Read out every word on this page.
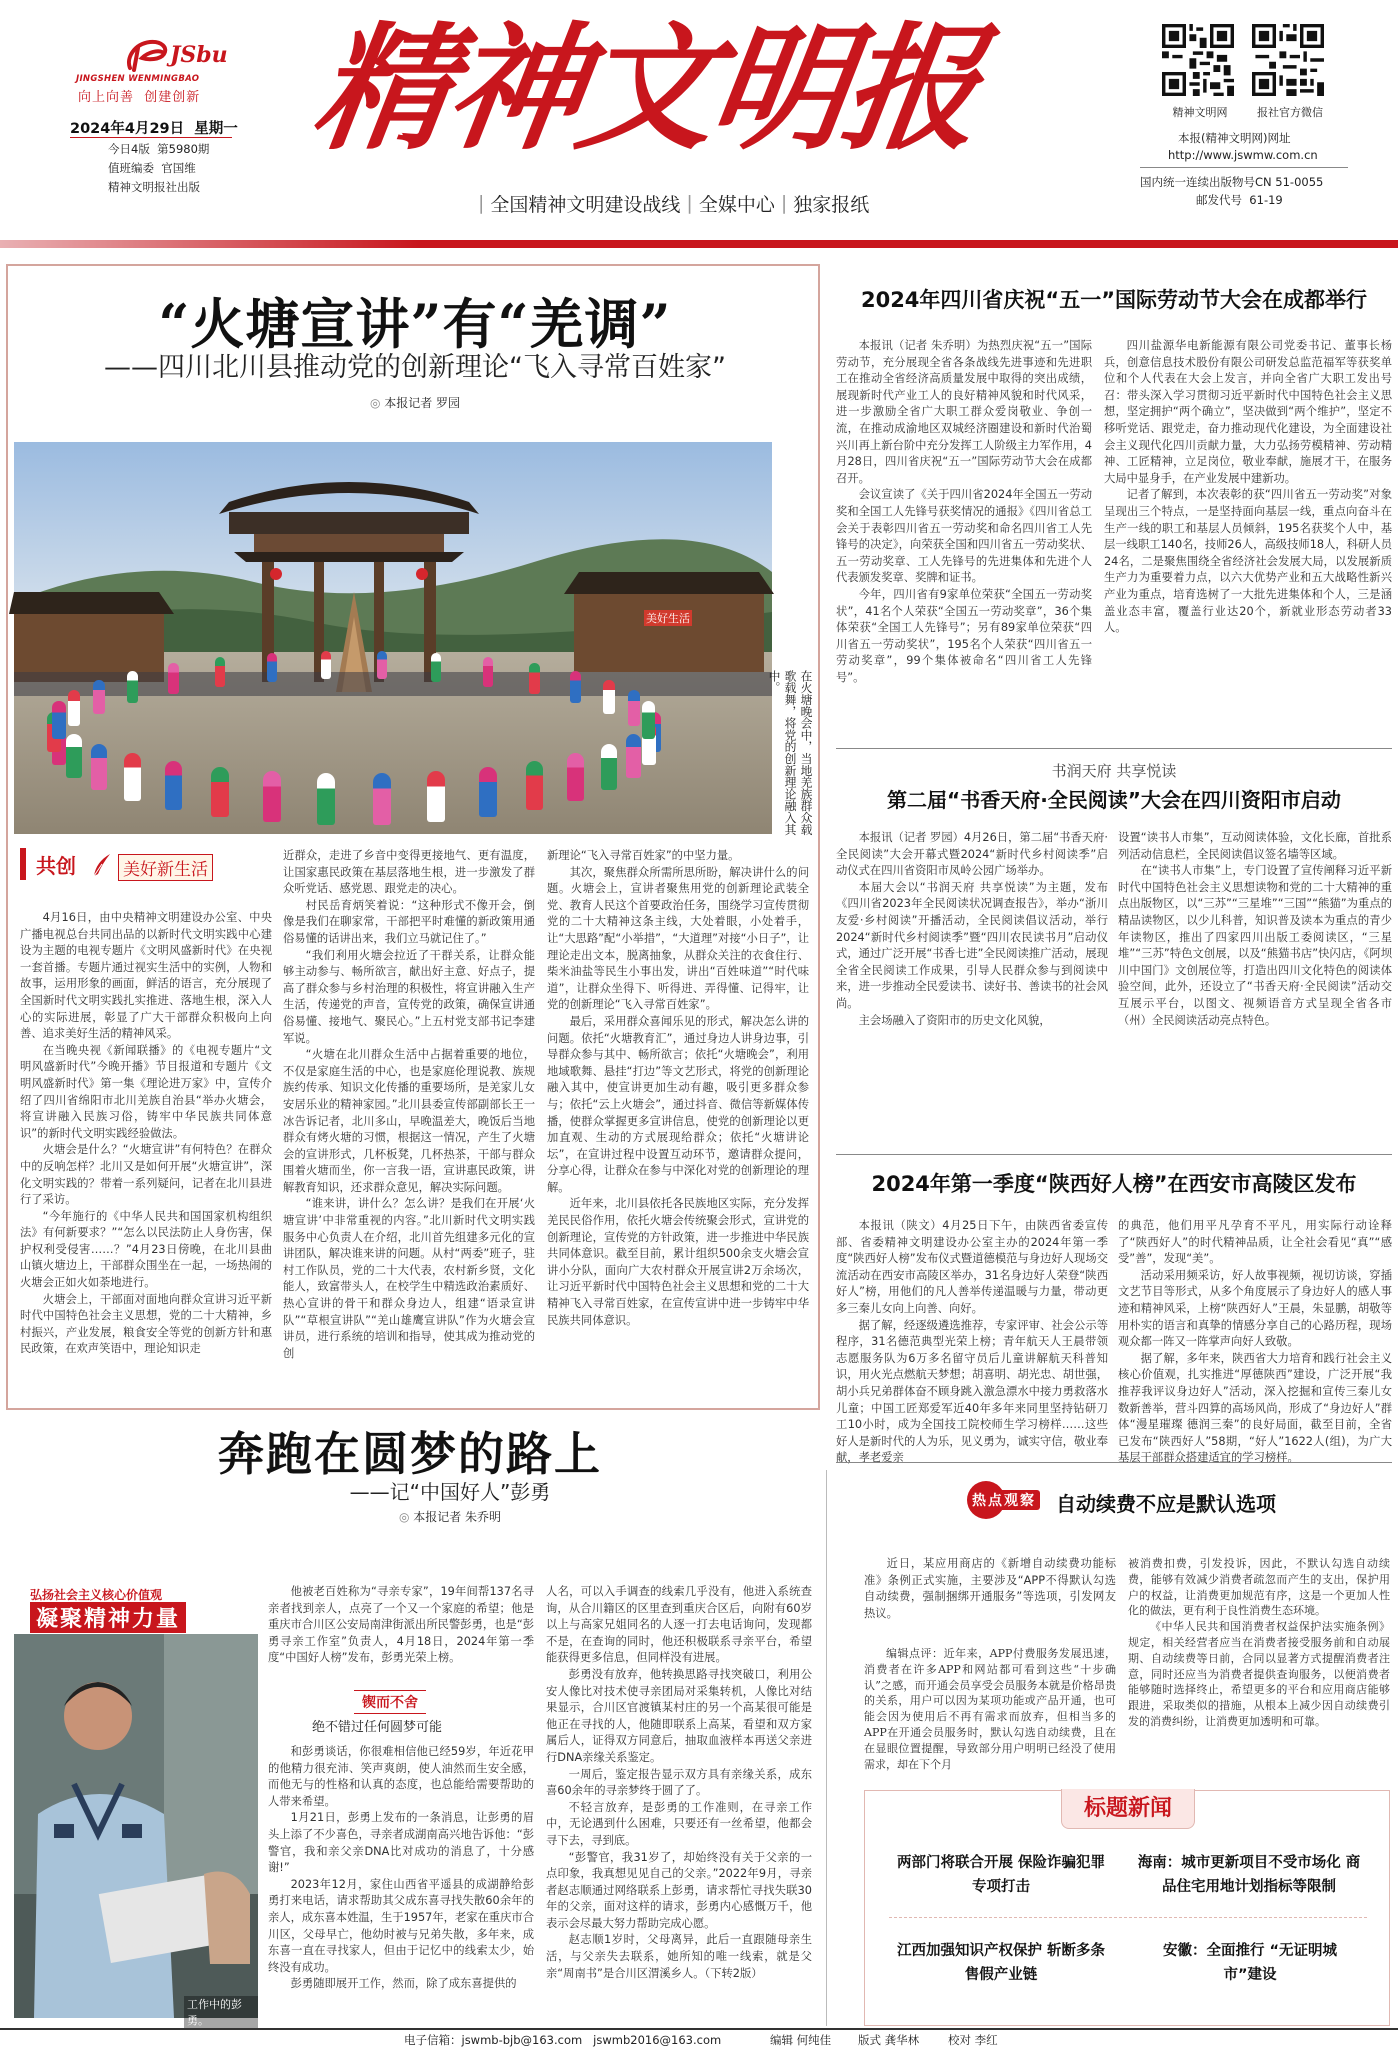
JSbu
JINGSHEN WENMINGBAO
向上向善  创建创新
2024年4月29日  星期一
今日4版  第5980期
值班编委  官国维
精神文明报社出版
精神文明报	精神文明网	报社官方微信
本报(精神文明网)网址
http://www.jswmw.com.cn
国内统一连续出版物号CN 51-0055
邮发代号  61-19
| 全国精神文明建设战线 | 全媒中心 | 独家报纸
“火塘宣讲”有“羌调”
——四川北川县推动党的创新理论“飞入寻常百姓家”
◎ 本报记者 罗园
美好生活
在火塘晚会中，当地羌族群众载歌载舞，将党的创新理论融入其中。
共创	美好新生活

4月16日，由中央精神文明建设办公室、中央广播电视总台共同出品的以新时代文明实践中心建设为主题的电视专题片《文明风盛新时代》在央视一套首播。专题片通过视实生活中的实例，人物和故事，运用形象的画面，鲜活的语言，充分展现了全国新时代文明实践扎实推进、落地生根，深入人心的实际进展，彰显了广大干部群众积极向上向善、追求美好生活的精神风采。

在当晚央视《新闻联播》的《电视专题片“文明风盛新时代”今晚开播》节目报道和专题片《文明风盛新时代》第一集《理论进万家》中，宣传介绍了四川省绵阳市北川羌族自治县“举办火塘会，将宣讲融入民族习俗，铸牢中华民族共同体意识”的新时代文明实践经验做法。

火塘会是什么？“火塘宣讲”有何特色？在群众中的反响怎样？北川又是如何开展“火塘宣讲”，深化文明实践的？带着一系列疑问，记者在北川县进行了采访。

“今年施行的《中华人民共和国国家机构组织法》有何新要求？”“怎么以民法防止人身伤害，保护权利受侵害……？”4月23日傍晚，在北川县曲山镇火塘边上，干部群众围坐在一起，一场热闹的火塘会正如火如荼地进行。

火塘会上，干部面对面地向群众宣讲习近平新时代中国特色社会主义思想，党的二十大精神，乡村振兴，产业发展，粮食安全等党的创新方针和惠民政策，在欢声笑语中，理论知识走

近群众，走进了乡音中变得更接地气、更有温度，让国家惠民政策在基层落地生根，进一步激发了群众听党话、感党恩、跟党走的决心。

村民岳育炳笑着说：“这种形式不像开会，倒像是我们在聊家常，干部把平时难懂的新政策用通俗易懂的话讲出来，我们立马就记住了。”

“我们利用火塘会拉近了干群关系，让群众能够主动参与、畅所欲言，献出好主意、好点子，提高了群众参与乡村治理的积极性，将宣讲融入生产生活，传递党的声音，宣传党的政策，确保宣讲通俗易懂、接地气、聚民心。”上五村党支部书记李建军说。

“火塘在北川群众生活中占据着重要的地位，不仅是家庭生活的中心，也是家庭伦理说教、族规族约传承、知识文化传播的重要场所，是羌家儿女安居乐业的精神家园。”北川县委宣传部副部长王一冰告诉记者，北川多山，早晚温差大，晚饭后当地群众有烤火塘的习惯，根据这一情况，产生了火塘会的宣讲形式，几杯板凳，几杯热茶，干部与群众围着火塘而坐，你一言我一语，宣讲惠民政策，讲解教育知识，还求群众意见，解决实际问题。

“谁来讲，讲什么？怎么讲？是我们在开展‘火塘宣讲’中非常重视的内容。”北川新时代文明实践服务中心负责人在介绍，北川首先组建多元化的宣讲团队，解决谁来讲的问题。从村“两委”班子，驻村工作队员，党的二十大代表，农村新乡贤，文化能人，致富带头人，在校学生中精选政治素质好、热心宣讲的骨干和群众身边人，组建“语录宣讲队”“草根宣讲队”“羌山雄鹰宣讲队”作为火塘会宣讲员，进行系统的培训和指导，使其成为推动党的创

新理论“飞入寻常百姓家”的中坚力量。

其次，聚焦群众所需所思所盼，解决讲什么的问题。火塘会上，宣讲者聚焦用党的创新理论武装全党、教育人民这个首要政治任务，围绕学习宣传贯彻党的二十大精神这条主线，大处着眼，小处着手，让“大思路”配“小举措”，“大道理”对接“小日子”，让理论走出文本，脱离抽象，从群众关注的衣食住行、柴米油盐等民生小事出发，讲出“百姓味道”“时代味道”，让群众坐得下、听得进、弄得懂、记得牢，让党的创新理论“飞入寻常百姓家”。

最后，采用群众喜闻乐见的形式，解决怎么讲的问题。依托“火塘教育汇”，通过身边人讲身边事，引导群众参与其中、畅所欲言；依托“火塘晚会”，利用地域歌舞、悬挂“打边”等文艺形式，将党的创新理论融入其中，使宣讲更加生动有趣，吸引更多群众参与；依托“云上火塘会”，通过抖音、微信等新媒体传播，使群众掌握更多宣讲信息，使党的创新理论以更加直观、生动的方式展现给群众；依托“火塘讲论坛”，在宣讲过程中设置互动环节，邀请群众提问，分享心得，让群众在参与中深化对党的创新理论的理解。

近年来，北川县依托各民族地区实际，充分发挥羌民民俗作用，依托火塘会传统聚会形式，宣讲党的创新理论，宣传党的方针政策，进一步推进中华民族共同体意识。截至目前，累计组织500余支火塘会宣讲小分队，面向广大农村群众开展宣讲2万余场次，让习近平新时代中国特色社会主义思想和党的二十大精神飞入寻常百姓家，在宣传宣讲中进一步铸牢中华民族共同体意识。

2024年四川省庆祝“五一”国际劳动节大会在成都举行

本报讯（记者 朱乔明）为热烈庆祝“五一”国际劳动节，充分展现全省各条战线先进事迹和先进职工在推动全省经济高质量发展中取得的突出成绩，展现新时代产业工人的良好精神风貌和时代风采，进一步激励全省广大职工群众爱岗敬业、争创一流，在推动成渝地区双城经济圈建设和新时代治蜀兴川再上新台阶中充分发挥工人阶级主力军作用，4月28日，四川省庆祝“五一”国际劳动节大会在成都召开。

会议宣读了《关于四川省2024年全国五一劳动奖和全国工人先锋号获奖情况的通报》《四川省总工会关于表彰四川省五一劳动奖和命名四川省工人先锋号的决定》，向荣获全国和四川省五一劳动奖状、五一劳动奖章、工人先锋号的先进集体和先进个人代表颁发奖章、奖牌和证书。

今年，四川省有9家单位荣获“全国五一劳动奖状”，41名个人荣获“全国五一劳动奖章”，36个集体荣获“全国工人先锋号”；另有89家单位荣获“四川省五一劳动奖状”，195名个人荣获“四川省五一劳动奖章”，99个集体被命名“四川省工人先锋号”。

四川盐源华电新能源有限公司党委书记、董事长杨兵，创意信息技术股份有限公司研发总监范福军等获奖单位和个人代表在大会上发言，并向全省广大职工发出号召：带头深入学习贯彻习近平新时代中国特色社会主义思想，坚定拥护“两个确立”，坚决做到“两个维护”，坚定不移听党话、跟党走，奋力推动现代化建设，为全面建设社会主义现代化四川贡献力量，大力弘扬劳模精神、劳动精神、工匠精神，立足岗位，敬业奉献，施展才干，在服务大局中显身手，在产业发展中建新功。

记者了解到，本次表彰的获“四川省五一劳动奖”对象呈现出三个特点，一是坚持面向基层一线，重点向奋斗在生产一线的职工和基层人员倾斜，195名获奖个人中，基层一线职工140名，技师26人，高级技师18人，科研人员24名，二是聚焦围绕全省经济社会发展大局，以发展新质生产力为重要着力点，以六大优势产业和五大战略性新兴产业为重点，培育选树了一大批先进集体和个人，三是涵盖业态丰富，覆盖行业达20个，新就业形态劳动者33人。

书润天府 共享悦读
第二届“书香天府·全民阅读”大会在四川资阳市启动

本报讯（记者 罗园）4月26日，第二届“书香天府·全民阅读”大会开幕式暨2024“新时代乡村阅读季”启动仪式在四川省资阳市凤岭公园广场举办。

本届大会以“书润天府 共享悦读”为主题，发布《四川省2023年全民阅读状况调查报告》，举办“浙川友爱·乡村阅读”开播活动，全民阅读倡议活动，举行2024“新时代乡村阅读季”暨“四川农民读书月”启动仪式，通过广泛开展“书香七进”全民阅读推广活动，展现全省全民阅读工作成果，引导人民群众参与到阅读中来，进一步推动全民爱读书、读好书、善读书的社会风尚。

主会场融入了资阳市的历史文化风貌，

设置“读书人市集”，互动阅读体验，文化长廊，首批系列活动信息栏，全民阅读倡议签名墙等区域。

在“读书人市集”上，专门设置了宣传阐释习近平新时代中国特色社会主义思想读物和党的二十大精神的重点出版物区，以“三苏”“三星堆”“三国”“熊猫”为重点的精品读物区，以少儿科普，知识普及读本为重点的青少年读物区，推出了四家四川出版工委阅读区，“三星堆”“三苏”特色文创展，以及“熊猫书店”快闪店，《阿坝川中国门》文创展位等，打造出四川文化特色的阅读体验空间，此外，还设立了“书香天府·全民阅读”活动交互展示平台，以图文、视频语音方式呈现全省各市（州）全民阅读活动亮点特色。

2024年第一季度“陕西好人榜”在西安市高陵区发布

本报讯（陕文）4月25日下午，由陕西省委宣传部、省委精神文明建设办公室主办的2024年第一季度“陕西好人榜”发布仪式暨道德模范与身边好人现场交流活动在西安市高陵区举办，31名身边好人荣登“陕西好人”榜，用他们的凡人善举传递温暖与力量，带动更多三秦儿女向上向善、向好。

据了解，经逐级遴选推荐，专家评审、社会公示等程序，31名德范典型光荣上榜；青年航天人王晨带领志愿服务队为6万多名留守员后儿童讲解航天科普知识，用火光点燃航天梦想；胡喜明、胡光忠、胡世强，胡小兵兄弟群体奋不顾身跳入激急漂水中接力勇救落水儿童；中国工匠郑爱军近40年多年来同里坚持钻研刀工10小时，成为全国技工院校师生学习榜样……这些好人是新时代的人为乐，见义勇为，诚实守信，敬业奉献，孝老爱亲

的典范，他们用平凡孕育不平凡，用实际行动诠释了“陕西好人”的时代精神品质，让全社会看见“真”“感受”善”，发现“美”。

活动采用频采访，好人故事视频，视切访谈，穿插文艺节目等形式，从多个角度展示了身边好人的感人事迹和精神风采，上榜“陕西好人”王晨，朱显鹏，胡敬等用朴实的语言和真挚的情感分享自己的心路历程，现场观众都一阵又一阵掌声向好人致敬。

据了解，多年来，陕西省大力培育和践行社会主义核心价值观，扎实推进“厚德陕西”建设，广泛开展“我推荐我评议身边好人”活动，深入挖掘和宣传三秦儿女数新善举，营斗四算的高场风尚，形成了“身边好人”群体“漫星璀璨 德润三秦”的良好局面，截至目前，全省已发布“陕西好人”58期，“好人”1622人(组)，为广大基层干部群众搭建适宜的学习榜样。

奔跑在圆梦的路上
——记“中国好人”彭勇
◎ 本报记者 朱乔明
弘扬社会主义核心价值观
凝聚精神力量
工作中的彭勇。

他被老百姓称为“寻亲专家”，19年间帮137名寻亲者找到亲人，点亮了一个又一个家庭的希望；他是重庆市合川区公安局南津街派出所民警彭勇，也是“彭勇寻亲工作室”负责人，4月18日，2024年第一季度“中国好人榜”发布，彭勇光荣上榜。

锲而不舍
绝不错过任何圆梦可能

和彭勇谈话，你很难相信他已经59岁，年近花甲的他精力很充沛、笑声爽朗，使人油然而生安全感，而他无与的性格和认真的态度，也总能给需要帮助的人带来希望。

1月21日，彭勇上发布的一条消息，让彭勇的眉头上添了不少喜色，寻亲者成湖南高兴地告诉他：“彭警官，我和亲父亲DNA比对成功的消息了，十分感谢!”

2023年12月，家住山西省平遥县的成湖静给彭勇打来电话，请求帮助其父成东喜寻找失散60余年的亲人，成东喜本姓温，生于1957年，老家在重庆市合川区，父母早亡，他幼时被与兄弟失散，多年来，成东喜一直在寻找家人，但由于记忆中的线索太少，始终没有成功。

彭勇随即展开工作，然而，除了成东喜提供的

人名，可以入手调查的线索几乎没有，他进入系统查询，从合川籍区的区里查到重庆合区后，向附有60岁以上与高家兄姐同名的人逐一打去电话询问，发现都不是，在查询的同时，他还积极联系寻亲平台，希望能获得更多信息，但同样没有进展。

彭勇没有放弃，他转换思路寻找突破口，利用公安人像比对技术使寻亲团局对采集转机，人像比对结果显示，合川区官渡镇某村庄的另一个高某很可能是他正在寻找的人，他随即联系上高某，看望和双方家属后人，证得双方同意后，抽取血液样本再送父亲进行DNA亲缘关系鉴定。

一周后，鉴定报告显示双方具有亲缘关系，成东喜60余年的寻亲梦终于圆了了。

不轻言放弃，是彭勇的工作准则，在寻亲工作中，无论遇到什么困难，只要还有一丝希望，他都会寻下去，寻到底。

“彭警官，我31岁了，却始终没有关于父亲的一点印象，我真想见见自己的父亲。”2022年9月，寻亲者赵志顺通过网络联系上彭勇，请求帮忙寻找失联30年的父亲，面对这样的请求，彭勇内心感慨万千，他表示会尽最大努力帮助完成心愿。

赵志顺1岁时，父母离异，此后一直跟随母亲生活，与父亲失去联系，她所知的唯一线索，就是父亲“周南书”是合川区渭溪乡人。（下转2版）

热点观察 自动续费不应是默认选项

近日，某应用商店的《新增自动续费功能标准》条例正式实施，主要涉及“APP不得默认勾选自动续费，强制捆绑开通服务”等选项，引发网友热议。

编辑点评：近年来，APP付费服务发展迅速，消费者在许多APP和网站都可看到这些“十步确认”之感，而开通会员享受会员服务本就是价格昂贵的关系，用户可以因为某项功能或产品开通，也可能会因为使用后不再有需求而放弃，但相当多的APP在开通会员服务时，默认勾选自动续费，且在在显眼位置提醒，导致部分用户明明已经没了使用需求，却在下个月

被消费扣费，引发投诉，因此，不默认勾选自动续费，能够有效减少消费者疏忽而产生的支出，保护用户的权益，让消费更加规范有序，这是一个更加人性化的做法，更有利于良性消费生态环境。

《中华人民共和国消费者权益保护法实施条例》规定，相关经营者应当在消费者接受服务前和自动展期、自动续费等日前，合同以显著方式提醒消费者注意，同时还应当为消费者提供查询服务，以便消费者能够随时选择终止，希望更多的平台和应用商店能够跟进，采取类似的措施，从根本上减少因自动续费引发的消费纠纷，让消费更加透明和可靠。

标题新闻
两部门将联合开展 保险诈骗犯罪专项打击
海南：城市更新项目不受市场化 商品住宅用地计划指标等限制
江西加强知识产权保护 斩断多条售假产业链
安徽：全面推行 “无证明城市”建设
电子信箱：jswmb-bjb@163.com   jswmb2016@163.com	编辑 何纯佳 版式 龚华林	校对 李红
